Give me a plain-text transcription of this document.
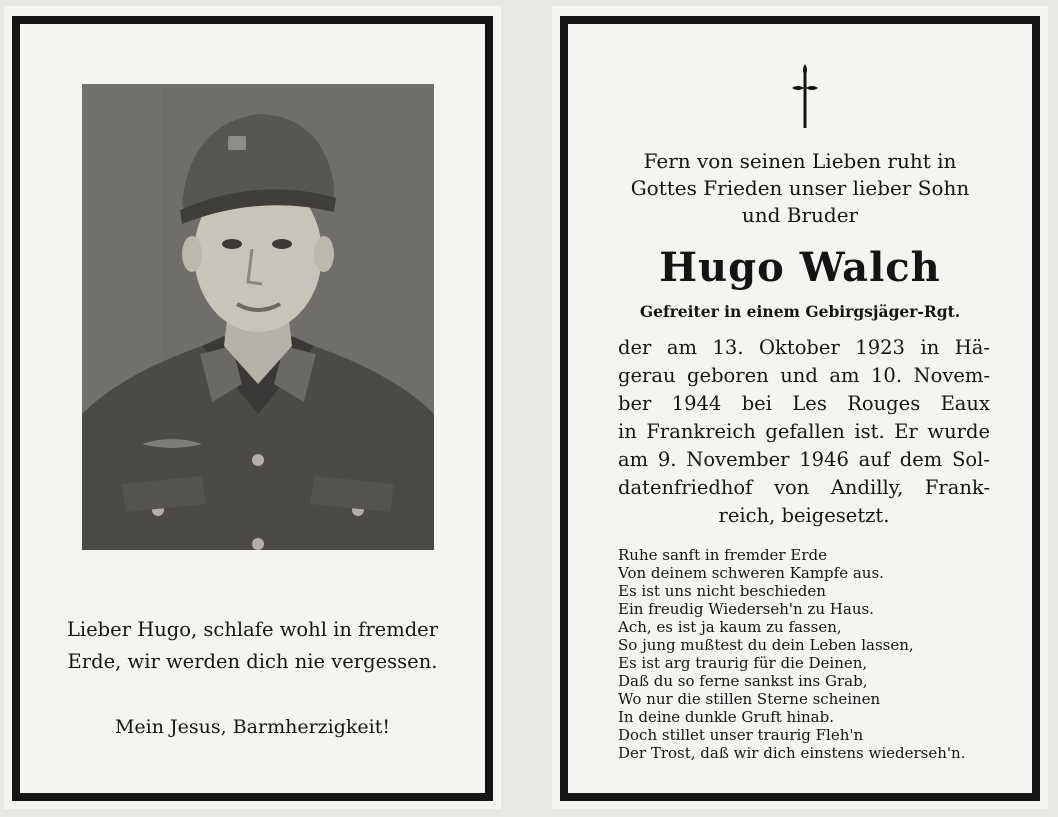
Lieber Hugo, schlafe wohl in fremder
Erde, wir werden dich nie vergessen.
Mein Jesus, Barmherzigkeit!
Fern von seinen Lieben ruht in
Gottes Frieden unser lieber Sohn
und Bruder
Hugo Walch
Gefreiter in einem Gebirgsjäger-Rgt.
der am 13. Oktober 1923 in Hä-
gerau geboren und am 10. Novem-
ber 1944 bei Les Rouges Eaux
in Frankreich gefallen ist. Er wurde
am 9. November 1946 auf dem Sol-
datenfriedhof von Andilly, Frank-
reich, beigesetzt.
Ruhe sanft in fremder Erde
Von deinem schweren Kampfe aus.
Es ist uns nicht beschieden
Ein freudig Wiederseh'n zu Haus.
Ach, es ist ja kaum zu fassen,
So jung mußtest du dein Leben lassen,
Es ist arg traurig für die Deinen,
Daß du so ferne sankst ins Grab,
Wo nur die stillen Sterne scheinen
In deine dunkle Gruft hinab.
Doch stillet unser traurig Fleh'n
Der Trost, daß wir dich einstens wiederseh'n.
